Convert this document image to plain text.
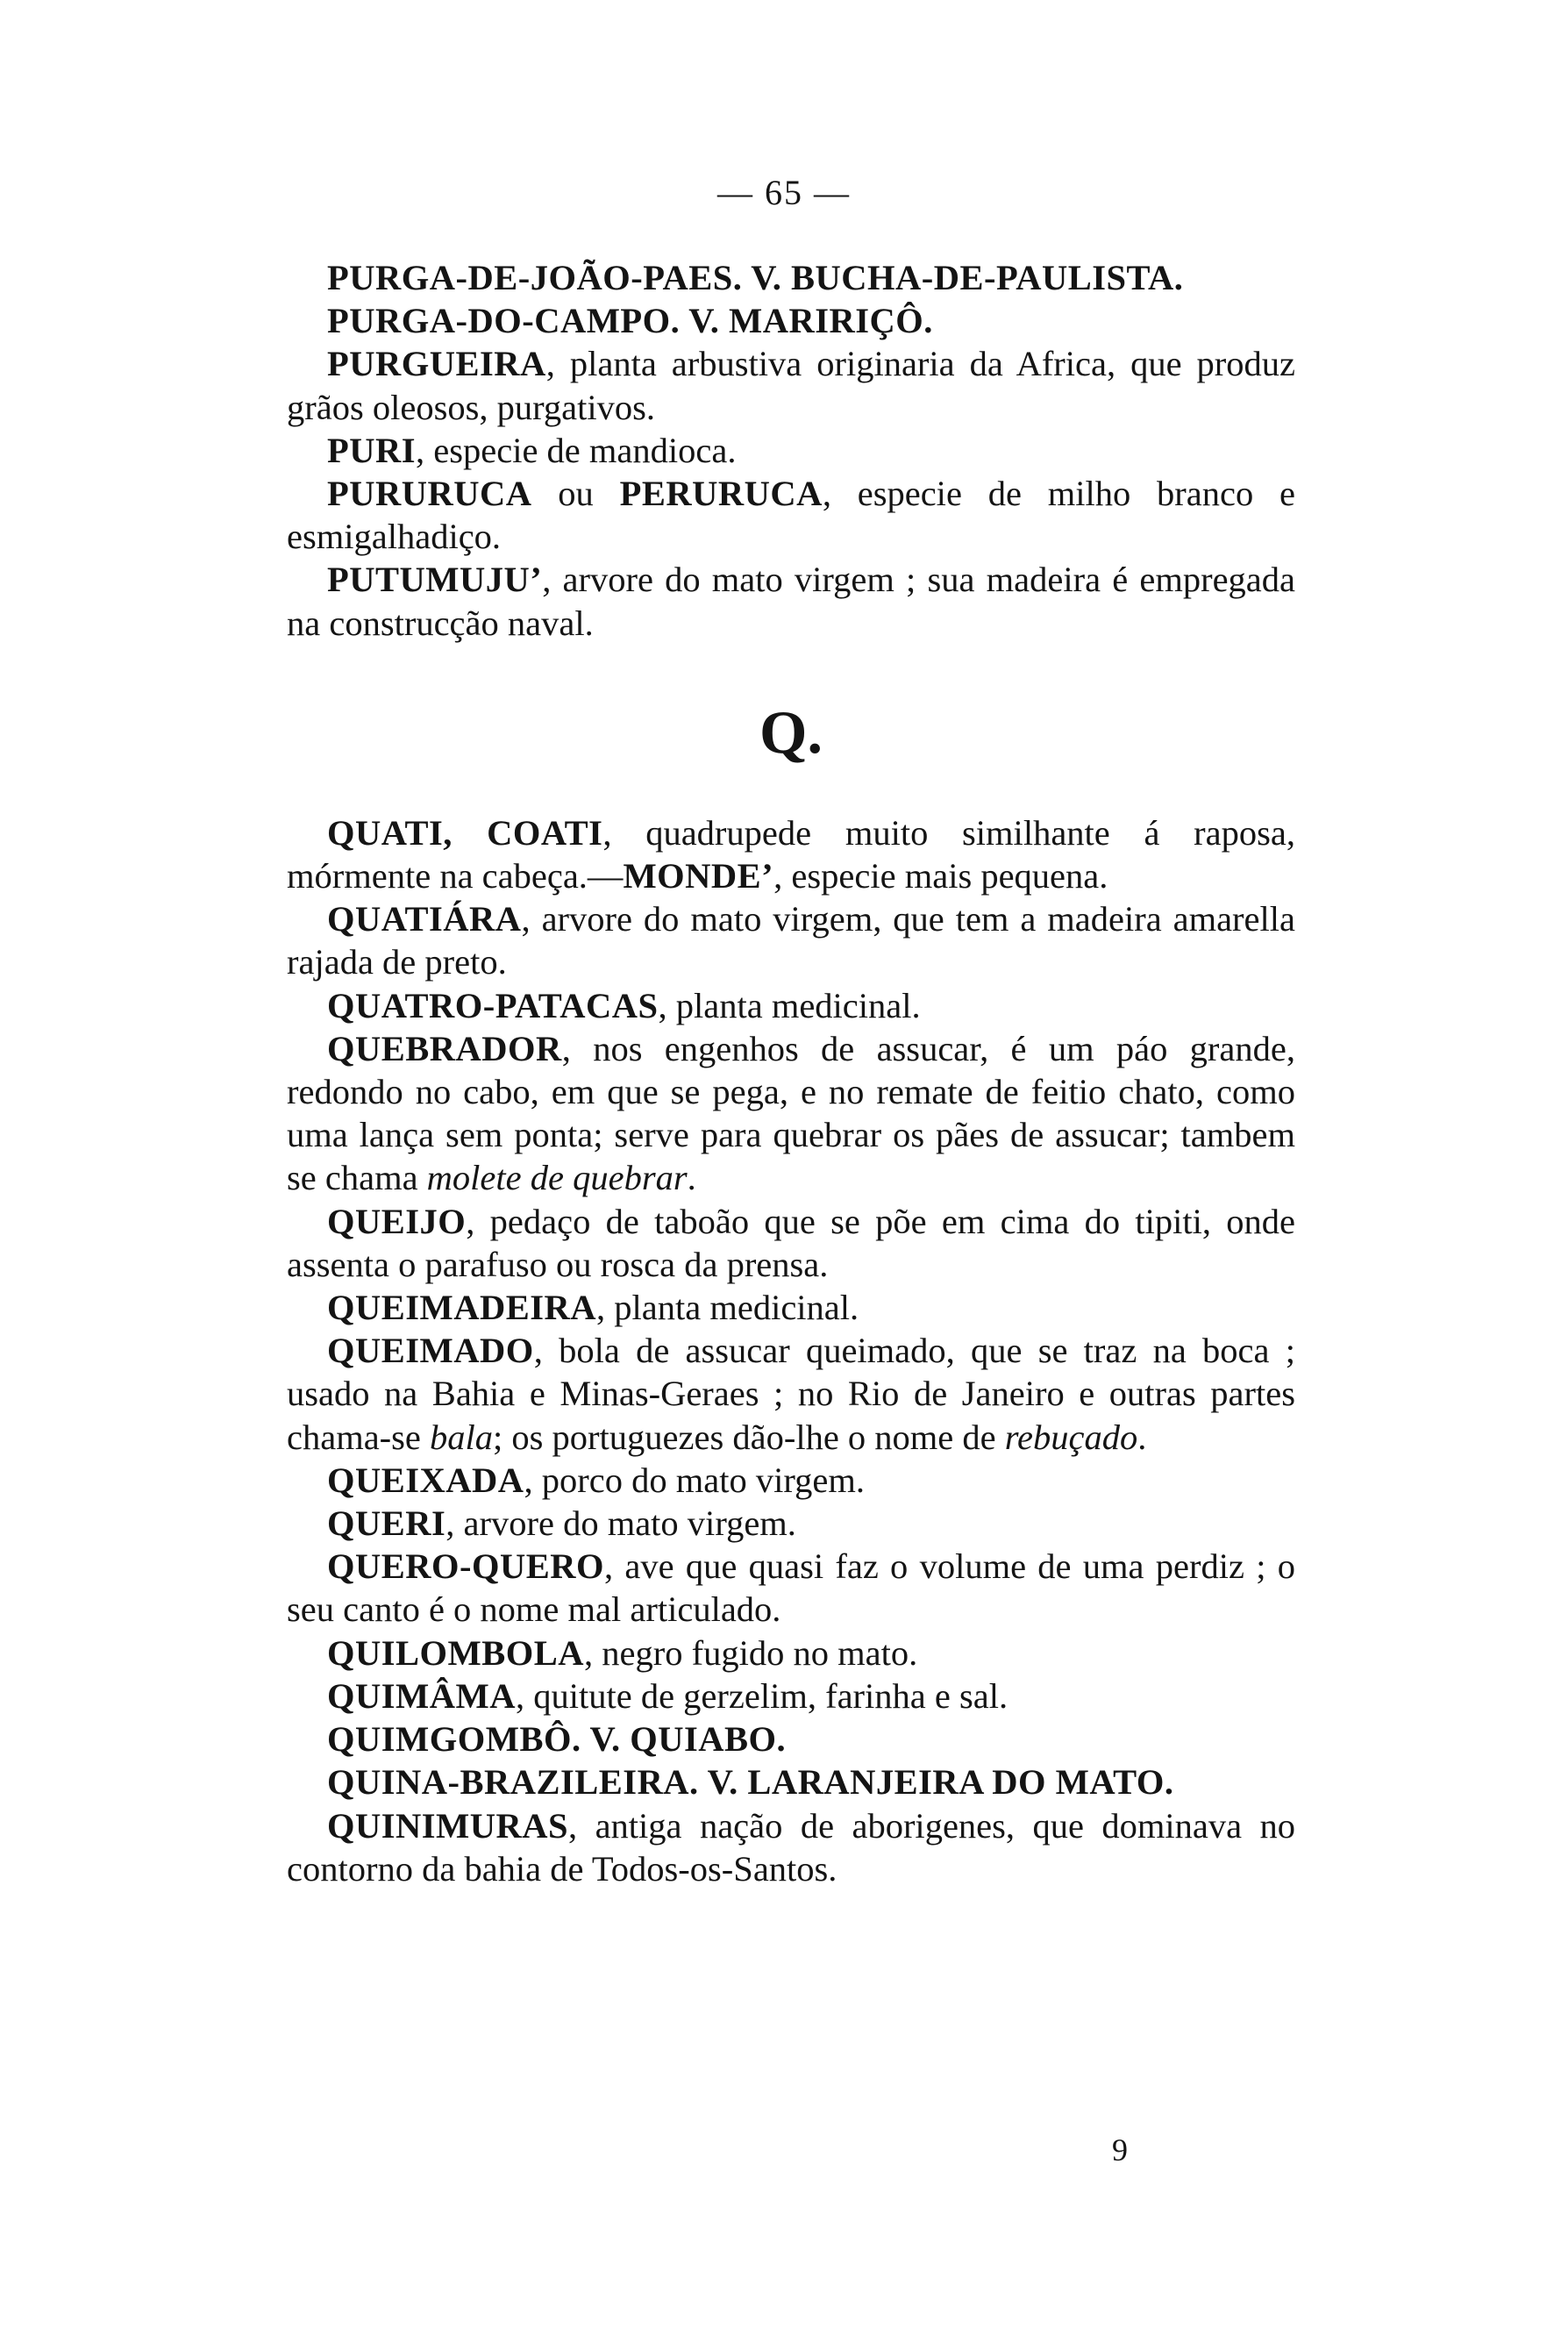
— 65 —

PURGA-DE-JOÃO-PAES. V. BUCHA-DE-PAULISTA.

PURGA-DO-CAMPO. V. MARIRIÇÔ.

PURGUEIRA, planta arbustiva originaria da Africa, que produz grãos oleosos, purgativos.

PURI, especie de mandioca.

PURURUCA ou PERURUCA, especie de milho branco e esmigalhadiço.

PUTUMUJU’, arvore do mato virgem ; sua madeira é empregada na construcção naval.

Q.

QUATI, COATI, quadrupede muito similhante á raposa, mórmente na cabeça.—MONDE’, especie mais pequena.

QUATIÁRA, arvore do mato virgem, que tem a madeira amarella rajada de preto.

QUATRO-PATACAS, planta medicinal.

QUEBRADOR, nos engenhos de assucar, é um páo grande, redondo no cabo, em que se pega, e no remate de feitio chato, como uma lança sem ponta; serve para quebrar os pães de assucar; tambem se chama molete de quebrar.

QUEIJO, pedaço de taboão que se põe em cima do tipiti, onde assenta o parafuso ou rosca da prensa.

QUEIMADEIRA, planta medicinal.

QUEIMADO, bola de assucar queimado, que se traz na boca ; usado na Bahia e Minas-Geraes ; no Rio de Janeiro e outras partes chama-se bala; os portuguezes dão-lhe o nome de rebuçado.

QUEIXADA, porco do mato virgem.

QUERI, arvore do mato virgem.

QUERO-QUERO, ave que quasi faz o volume de uma perdiz ; o seu canto é o nome mal articulado.

QUILOMBOLA, negro fugido no mato.

QUIMÂMA, quitute de gerzelim, farinha e sal.

QUIMGOMBÔ. V. QUIABO.

QUINA-BRAZILEIRA. V. LARANJEIRA DO MATO.

QUINIMURAS, antiga nação de aborigenes, que dominava no contorno da bahia de Todos-os-Santos.

9
